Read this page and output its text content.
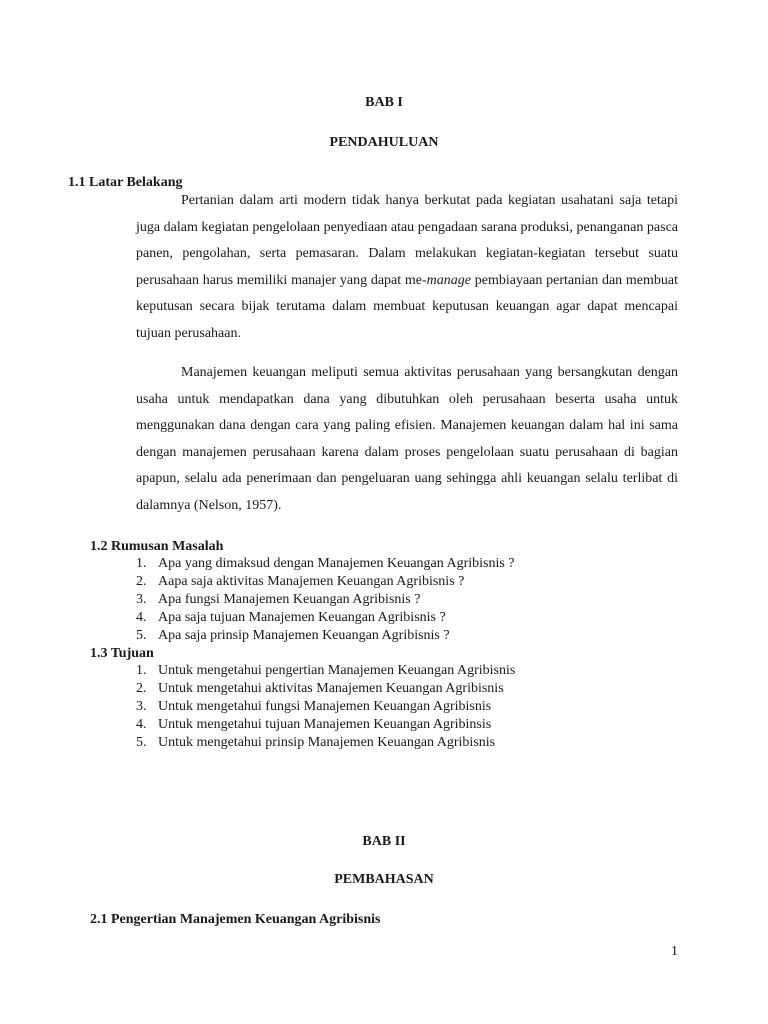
BAB I
PENDAHULUAN
1.1 Latar Belakang

Pertanian dalam arti modern tidak hanya berkutat pada kegiatan usahatani saja tetapi juga dalam kegiatan pengelolaan penyediaan atau pengadaan sarana produksi, penanganan pasca panen, pengolahan, serta pemasaran. Dalam melakukan kegiatan-kegiatan tersebut suatu perusahaan harus memiliki manajer yang dapat me-manage pembiayaan pertanian dan membuat keputusan secara bijak terutama dalam membuat keputusan keuangan agar dapat mencapai tujuan perusahaan.

Manajemen keuangan meliputi semua aktivitas perusahaan yang bersangkutan dengan usaha untuk mendapatkan dana yang dibutuhkan oleh perusahaan beserta usaha untuk menggunakan dana dengan cara yang paling efisien. Manajemen keuangan dalam hal ini sama dengan manajemen perusahaan karena dalam proses pengelolaan suatu perusahaan di bagian apapun, selalu ada penerimaan dan pengeluaran uang sehingga ahli keuangan selalu terlibat di dalamnya (Nelson, 1957).

1.2 Rumusan Masalah
1. Apa yang dimaksud dengan Manajemen Keuangan Agribisnis ?
2. Aapa saja aktivitas Manajemen Keuangan Agribisnis ?
3. Apa fungsi Manajemen Keuangan Agribisnis ?
4. Apa saja tujuan Manajemen Keuangan Agribisnis ?
5. Apa saja prinsip Manajemen Keuangan Agribisnis ?
1.3 Tujuan
1. Untuk mengetahui pengertian Manajemen Keuangan Agribisnis
2. Untuk mengetahui aktivitas Manajemen Keuangan Agribisnis
3. Untuk mengetahui fungsi Manajemen Keuangan Agribisnis
4. Untuk mengetahui tujuan Manajemen Keuangan Agribinsis
5. Untuk mengetahui prinsip Manajemen Keuangan Agribisnis
BAB II
PEMBAHASAN
2.1 Pengertian Manajemen Keuangan Agribisnis
1
